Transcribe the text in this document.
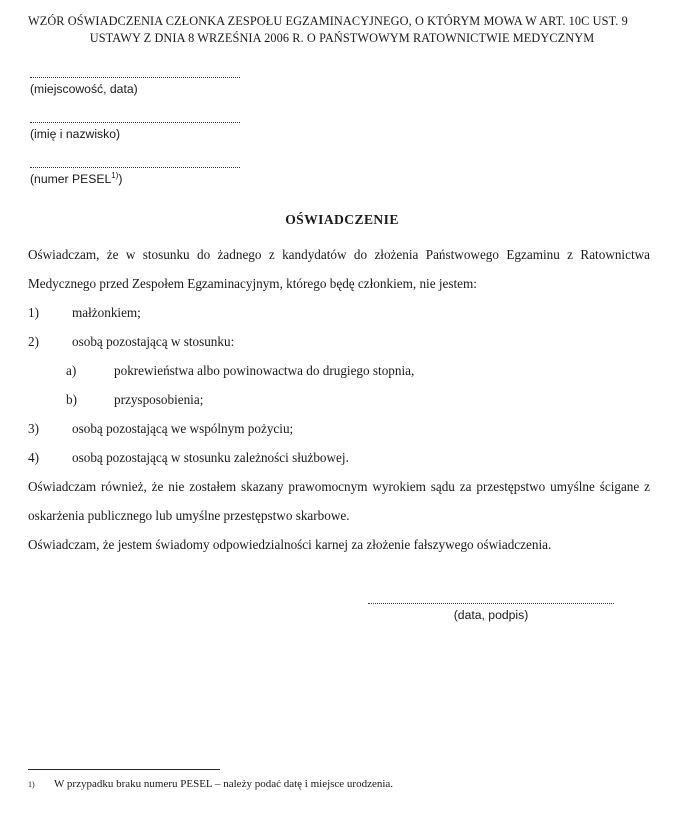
WZÓR OŚWIADCZENIA CZŁONKA ZESPOŁU EGZAMINACYJNEGO, O KTÓRYM MOWA W ART. 10C UST. 9
USTAWY Z DNIA 8 WRZEŚNIA 2006 R. O PAŃSTWOWYM RATOWNICTWIE MEDYCZNYM
(miejscowość, data)
(imię i nazwisko)
(numer PESEL$^{1)}$)
OŚWIADCZENIE

Oświadczam, że w stosunku do żadnego z kandydatów do złożenia Państwowego Egzaminu z Ratownictwa Medycznego przed Zespołem Egzaminacyjnym, którego będę członkiem, nie jestem:

1)	małżonkiem;
2)	osobą pozostającą w stosunku:
a)	pokrewieństwa albo powinowactwa do drugiego stopnia,
b)	przysposobienia;
3)	osobą pozostającą we wspólnym pożyciu;
4)	osobą pozostającą w stosunku zależności służbowej.

Oświadczam również, że nie zostałem skazany prawomocnym wyrokiem sądu za przestępstwo umyślne ścigane z oskarżenia publicznego lub umyślne przestępstwo skarbowe.

Oświadczam, że jestem świadomy odpowiedzialności karnej za złożenie fałszywego oświadczenia.

(data, podpis)
1)	W przypadku braku numeru PESEL – należy podać datę i miejsce urodzenia.
